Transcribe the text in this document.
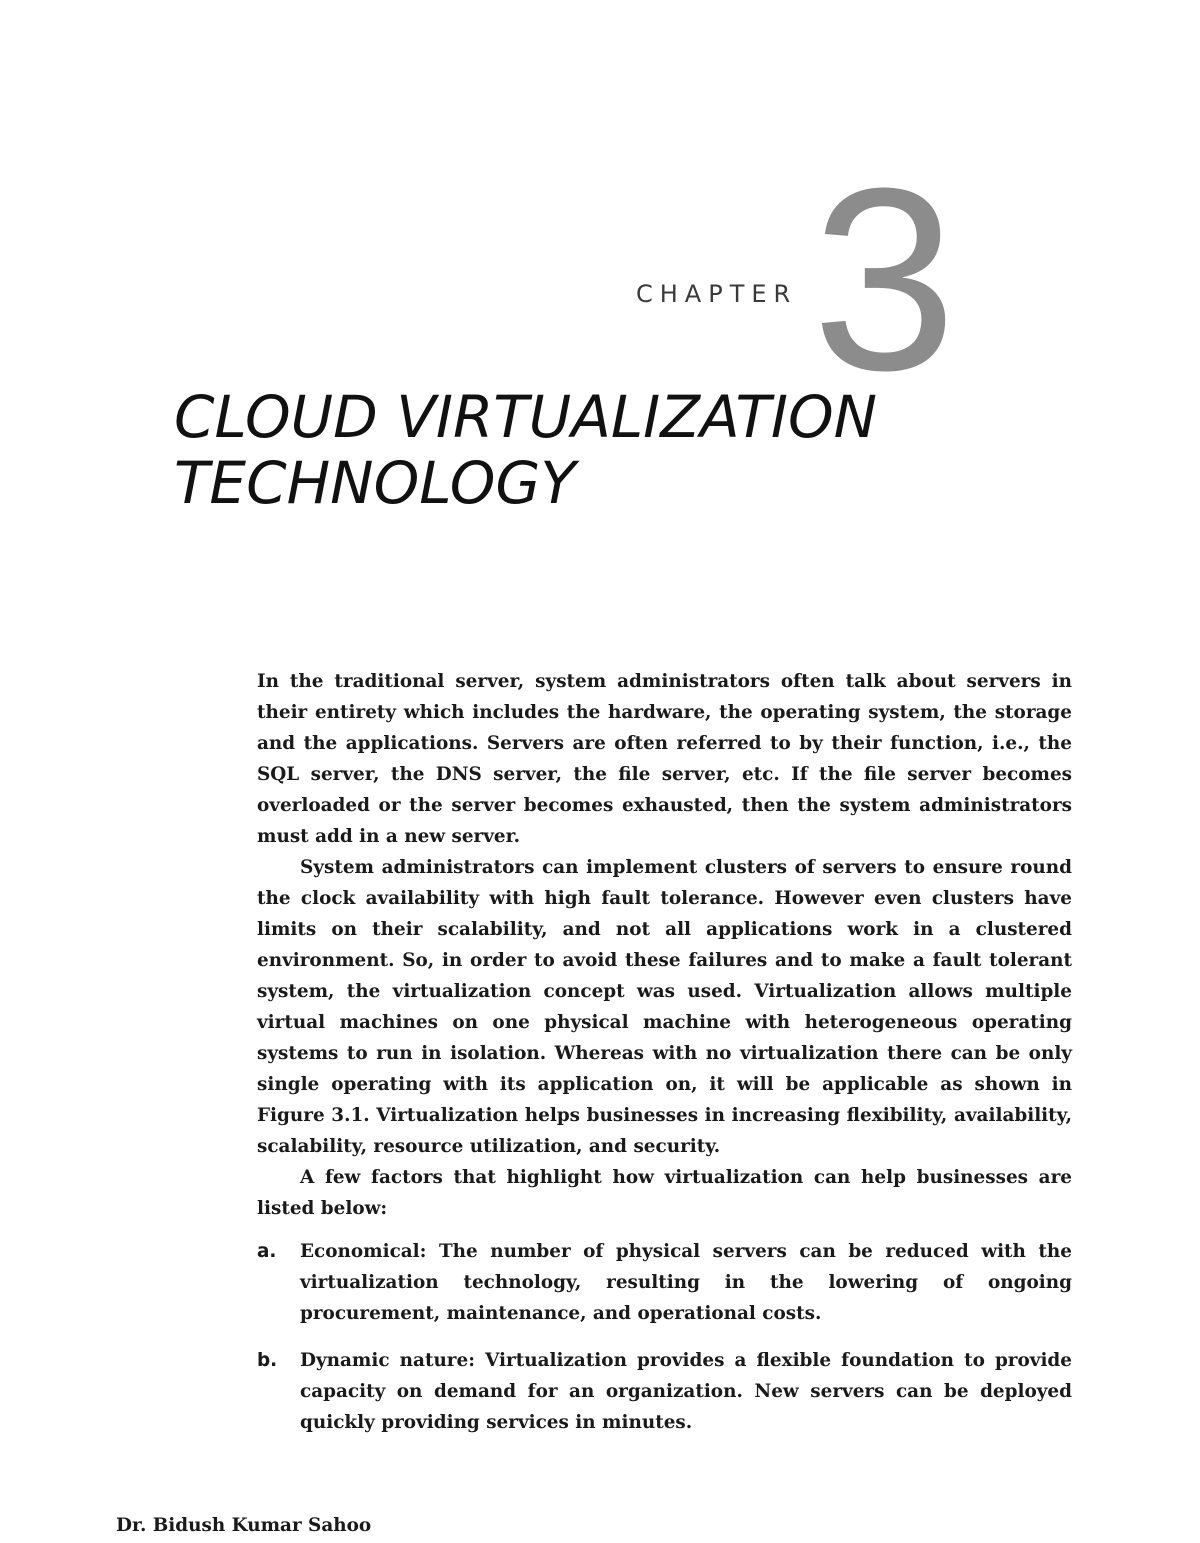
CHAPTER 3
CLOUD VIRTUALIZATION
TECHNOLOGY

In the traditional server, system administrators often talk about servers in their entirety which includes the hardware, the operating system, the storage and the applications. Servers are often referred to by their function, i.e., the SQL server, the DNS server, the file server, etc. If the file server becomes overloaded or the server becomes exhausted, then the system administrators must add in a new server.

System administrators can implement clusters of servers to ensure round the clock availability with high fault tolerance. However even clusters have limits on their scalability, and not all applications work in a clustered environment. So, in order to avoid these failures and to make a fault tolerant system, the virtualization concept was used. Virtualization allows multiple virtual machines on one physical machine with heterogeneous operating systems to run in isolation. Whereas with no virtualization there can be only single operating with its application on, it will be applicable as shown in Figure 3.1. Virtualization helps businesses in increasing flexibility, availability, scalability, resource utilization, and security.

A few factors that highlight how virtualization can help businesses are listed below:

a.	Economical: The number of physical servers can be reduced with the virtualization technology, resulting in the lowering of ongoing procurement, maintenance, and operational costs.
b.	Dynamic nature: Virtualization provides a flexible foundation to provide capacity on demand for an organization. New servers can be deployed quickly providing services in minutes.
Dr. Bidush Kumar Sahoo
